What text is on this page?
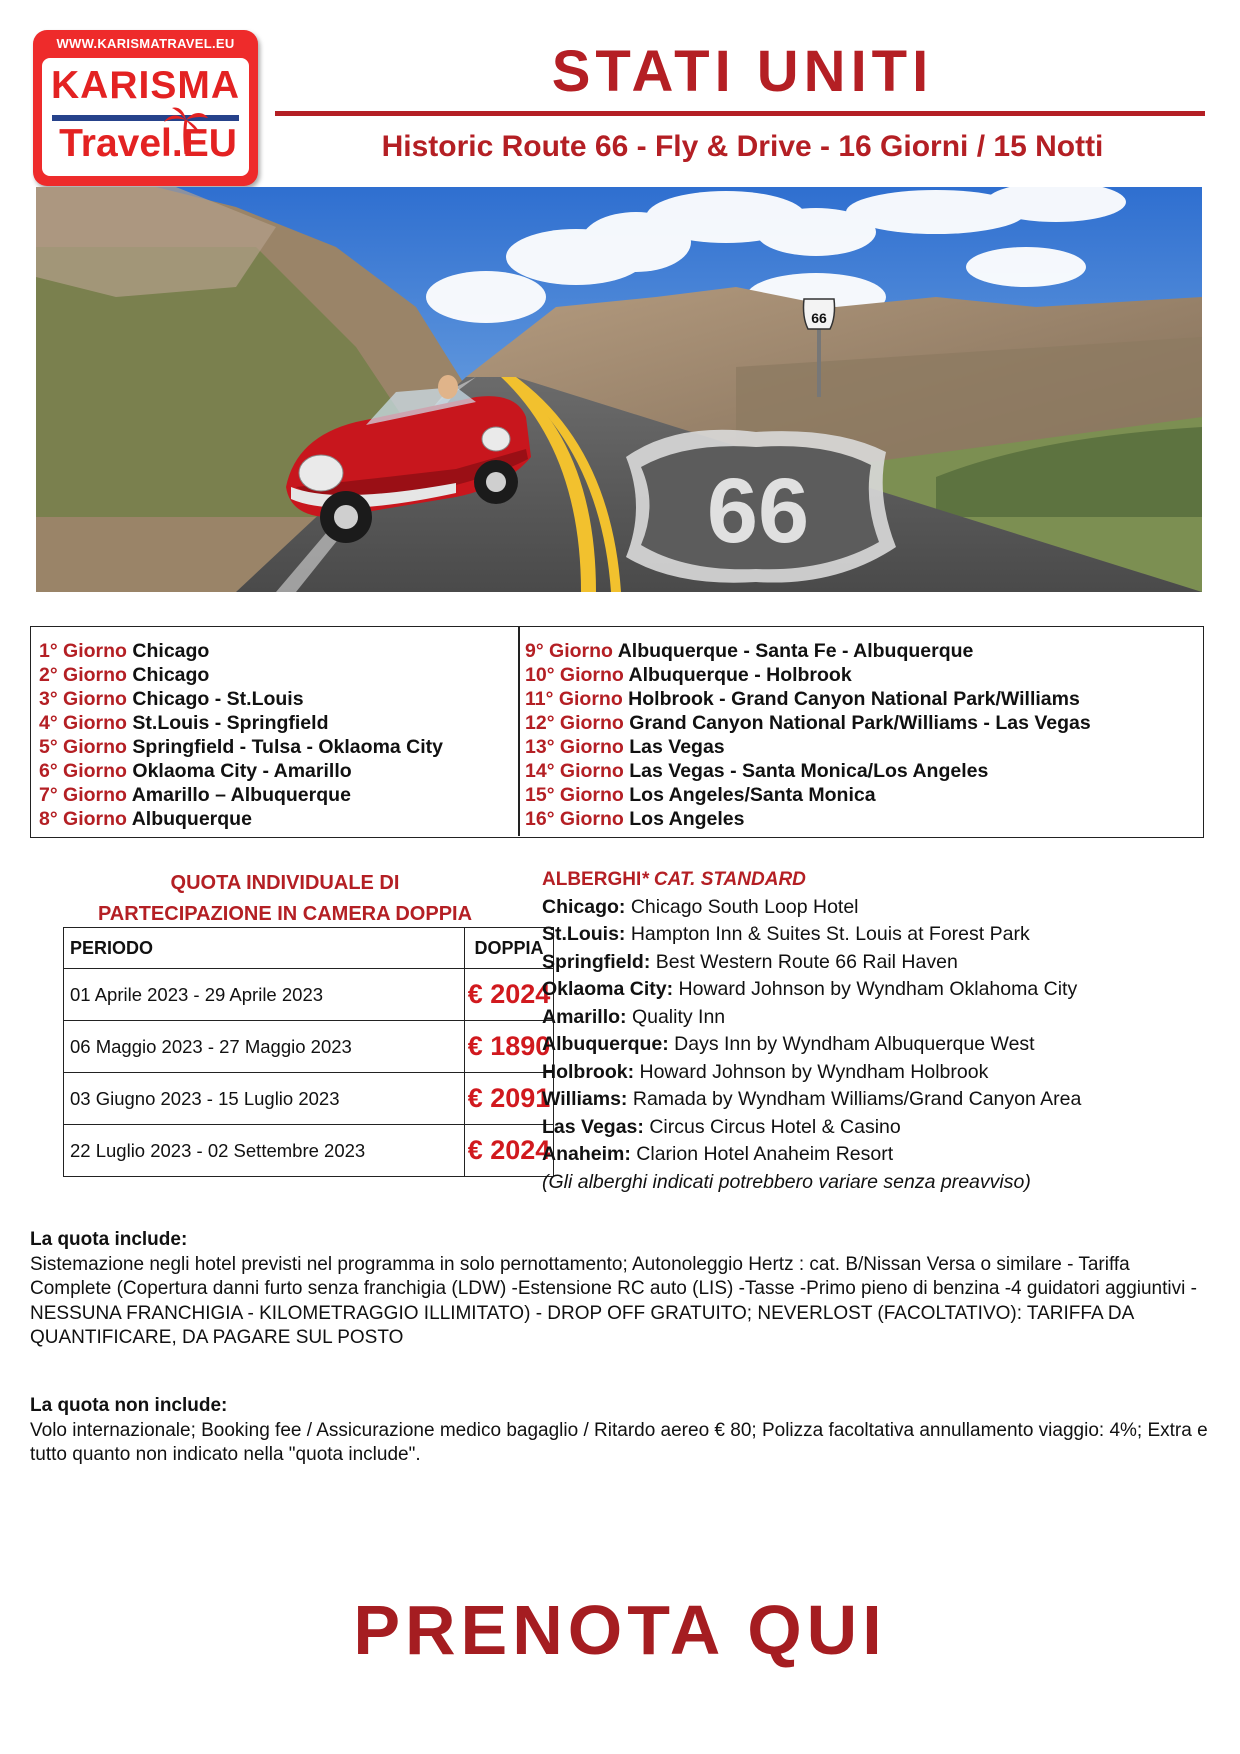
WWW.KARISMATRAVEL.EU
KARISMA
Travel.EU
STATI UNITI
Historic Route 66 - Fly & Drive - 16 Giorni / 15 Notti
66
66
1° Giorno Chicago
2° Giorno Chicago
3° Giorno Chicago - St.Louis
4° Giorno St.Louis - Springfield
5° Giorno Springfield - Tulsa - Oklaoma City
6° Giorno Oklaoma City - Amarillo
7° Giorno Amarillo – Albuquerque
8° Giorno Albuquerque
9° Giorno Albuquerque - Santa Fe - Albuquerque
10° Giorno Albuquerque - Holbrook
11° Giorno Holbrook - Grand Canyon National Park/Williams
12° Giorno Grand Canyon National Park/Williams - Las Vegas
13° Giorno Las Vegas
14° Giorno Las Vegas - Santa Monica/Los Angeles
15° Giorno Los Angeles/Santa Monica
16° Giorno Los Angeles
QUOTA INDIVIDUALE DI
PARTECIPAZIONE IN CAMERA DOPPIA
PERIODO	DOPPIA
01 Aprile 2023 - 29 Aprile 2023	€ 2024
06 Maggio 2023 - 27 Maggio 2023	€ 1890
03 Giugno 2023 - 15 Luglio 2023	€ 2091
22 Luglio 2023 - 02 Settembre 2023	€ 2024
ALBERGHI* CAT. STANDARD
Chicago: Chicago South Loop Hotel
St.Louis: Hampton Inn & Suites St. Louis at Forest Park
Springfield: Best Western Route 66 Rail Haven
Oklaoma City: Howard Johnson by Wyndham Oklahoma City
Amarillo: Quality Inn
Albuquerque: Days Inn by Wyndham Albuquerque West
Holbrook: Howard Johnson by Wyndham Holbrook
Williams: Ramada by Wyndham Williams/Grand Canyon Area
Las Vegas: Circus Circus Hotel & Casino
Anaheim: Clarion Hotel Anaheim Resort
(Gli alberghi indicati potrebbero variare senza preavviso)
La quota include:
Sistemazione negli hotel previsti nel programma in solo pernottamento; Autonoleggio Hertz : cat. B/Nissan Versa o similare - Tariffa Complete (Copertura danni furto senza franchigia (LDW) -Estensione RC auto (LIS) -Tasse -Primo pieno di benzina -4 guidatori aggiuntivi - NESSUNA FRANCHIGIA - KILOMETRAGGIO ILLIMITATO) - DROP OFF GRATUITO; NEVERLOST (FACOLTATIVO): TARIFFA DA QUANTIFICARE, DA PAGARE SUL POSTO
La quota non include:
Volo internazionale; Booking fee / Assicurazione medico bagaglio / Ritardo aereo € 80; Polizza facoltativa annullamento viaggio: 4%; Extra e tutto quanto non indicato nella "quota include".
PRENOTA QUI
